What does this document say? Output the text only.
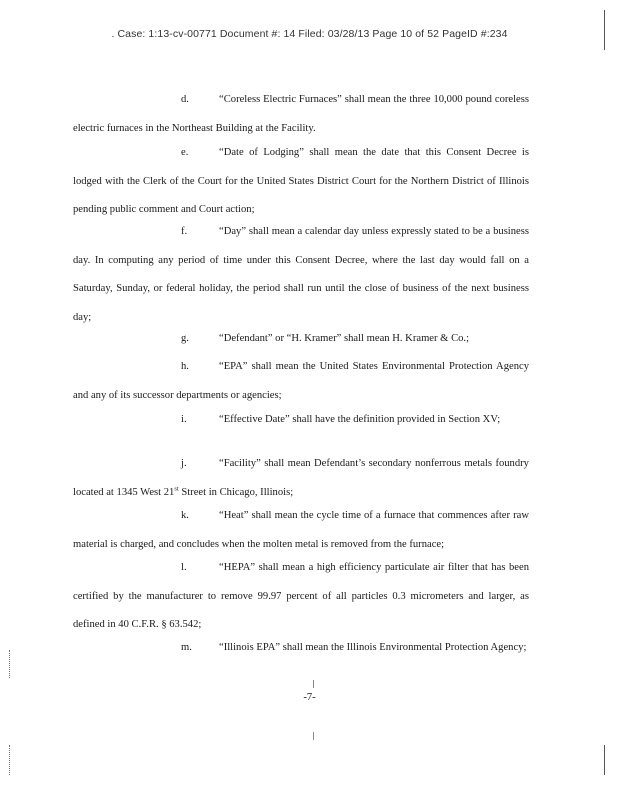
. Case: 1:13-cv-00771 Document #: 14 Filed: 03/28/13 Page 10 of 52 PageID #:234

d.	“Coreless Electric Furnaces” shall mean the three 10,000 pound coreless electric furnaces in the Northeast Building at the Facility.

e.	“Date of Lodging” shall mean the date that this Consent Decree is lodged with the Clerk of the Court for the United States District Court for the Northern District of Illinois pending public comment and Court action;

f.	“Day” shall mean a calendar day unless expressly stated to be a business day. In computing any period of time under this Consent Decree, where the last day would fall on a Saturday, Sunday, or federal holiday, the period shall run until the close of business of the next business day;

g.	“Defendant” or “H. Kramer” shall mean H. Kramer & Co.;

h.	“EPA” shall mean the United States Environmental Protection Agency and any of its successor departments or agencies;

i.	“Effective Date” shall have the definition provided in Section XV;

j.	“Facility” shall mean Defendant’s secondary nonferrous metals foundry located at 1345 West 21st Street in Chicago, Illinois;

k.	“Heat” shall mean the cycle time of a furnace that commences after raw material is charged, and concludes when the molten metal is removed from the furnace;

l.	“HEPA” shall mean a high efficiency particulate air filter that has been certified by the manufacturer to remove 99.97 percent of all particles 0.3 micrometers and larger, as defined in 40 C.F.R. § 63.542;

m.	“Illinois EPA” shall mean the Illinois Environmental Protection Agency;

-7-
